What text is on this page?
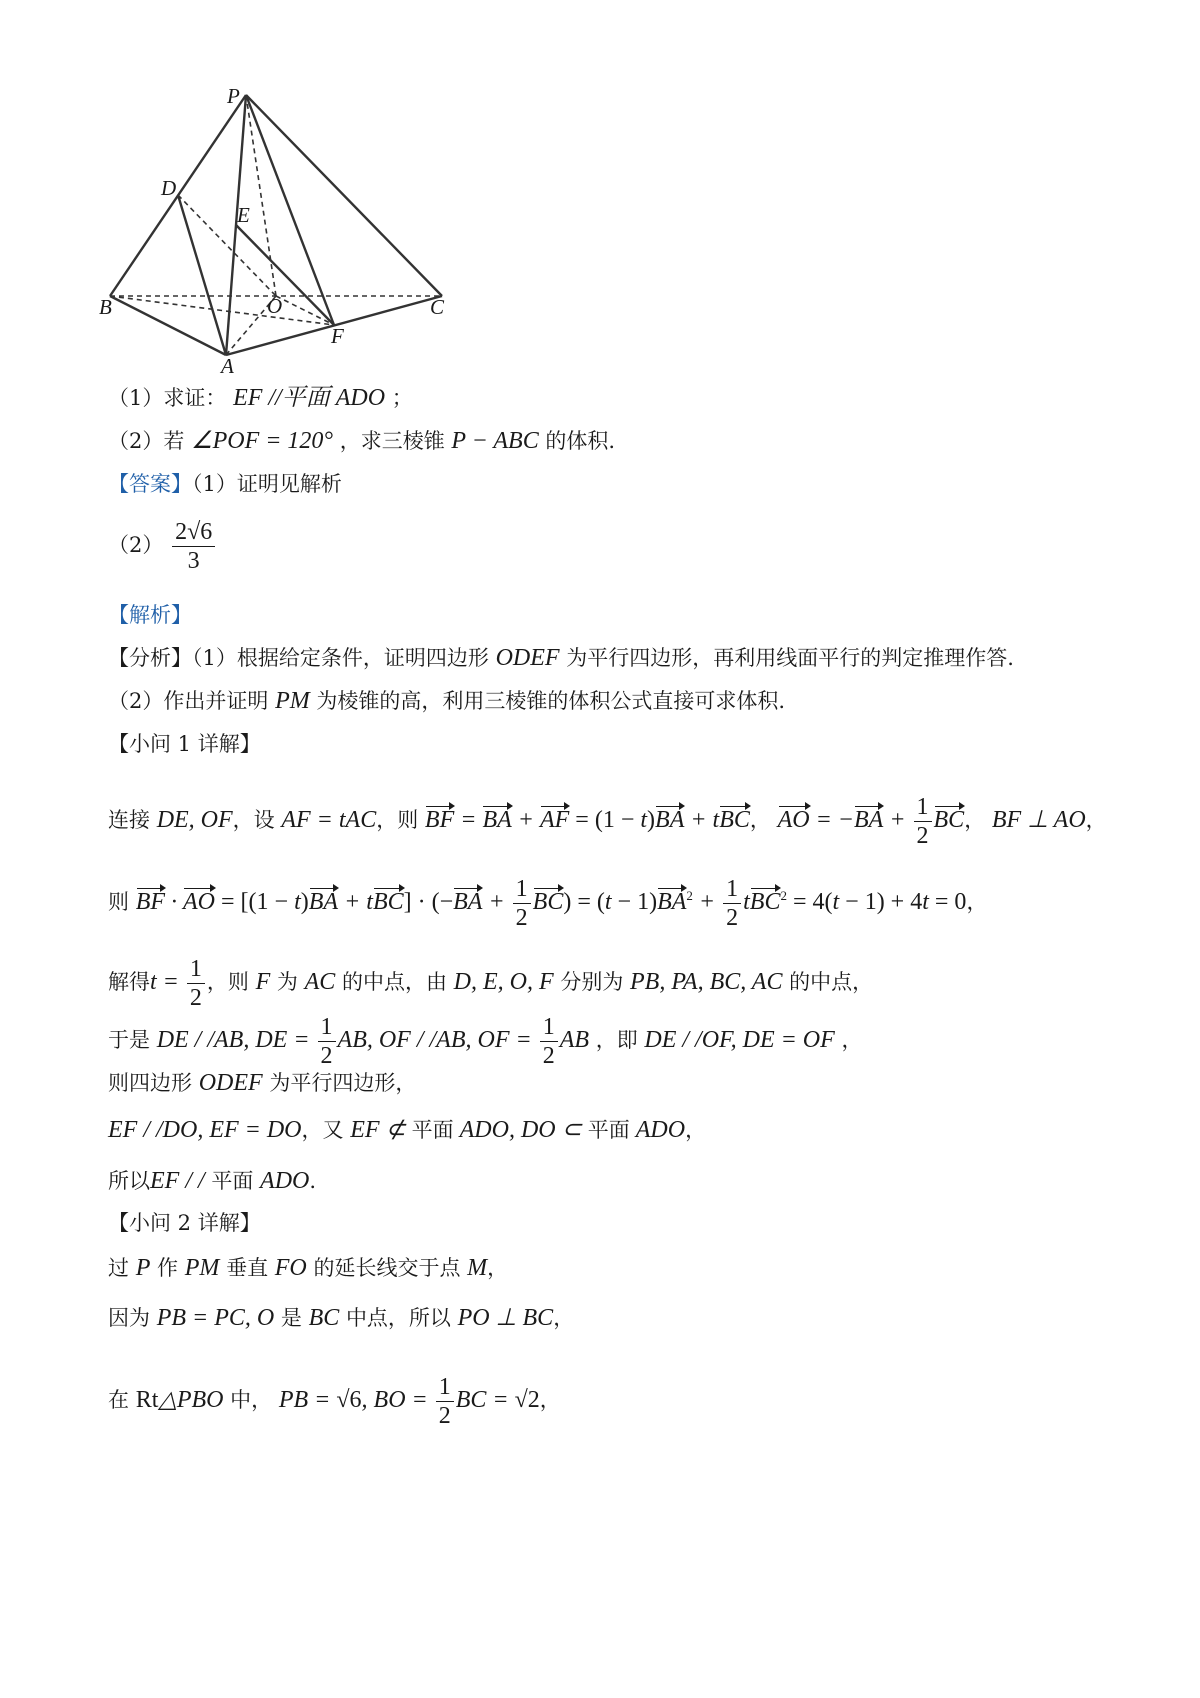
P
D
E
B	O	C
F
A
（1）求证： EF //平面 ADO ；
（2）若 ∠POF = 120° ，求三棱锥 P − ABC 的体积.
【答案】（1）证明见解析
$(2) \frac{2√6}{3}$
【解析】
【分析】（1）根据给定条件，证明四边形 ODEF 为平行四边形，再利用线面平行的判定推理作答.
（2）作出并证明 PM 为棱锥的高，利用三棱锥的体积公式直接可求体积.
【小问 1 详解】
连接 DE, OF，设 AF = tAC，则 BF = BA + AF = (1 − t)BA + tBC， AO = $-BA + \frac{1}{2}$ BC， BF ⊥ AO，
则 BF · AO = $[(1 - t)BA + tBC] \cdot (-BA + \frac{1}{2} BC) = (t - 1)BA^2 + \frac{1}{2} tBC^2 = 4(t - 1) + 4t = 0$，
解得$t = \frac{1}{2}$ ，则 F 为 AC 的中点，由 D, E, O, F 分别为 PB, PA, BC, AC 的中点，
于是 DE / /AB, DE = $\frac{1}{2}$ AB, OF / /AB, OF = $\frac{1}{2}$ AB ，即 DE / /OF, DE = OF ，
则四边形 ODEF 为平行四边形，
EF / /DO, EF = DO，又 EF ⊄ 平面 ADO, DO ⊂ 平面 ADO，
所以EF / / 平面 ADO.
【小问 2 详解】
过 P 作 PM 垂直 FO 的延长线交于点 M，
因为 PB = PC, O 是 BC 中点，所以 PO ⊥ BC，
在 Rt△PBO 中， PB = √6, BO = $\frac{1}{2}$ BC = √2，
